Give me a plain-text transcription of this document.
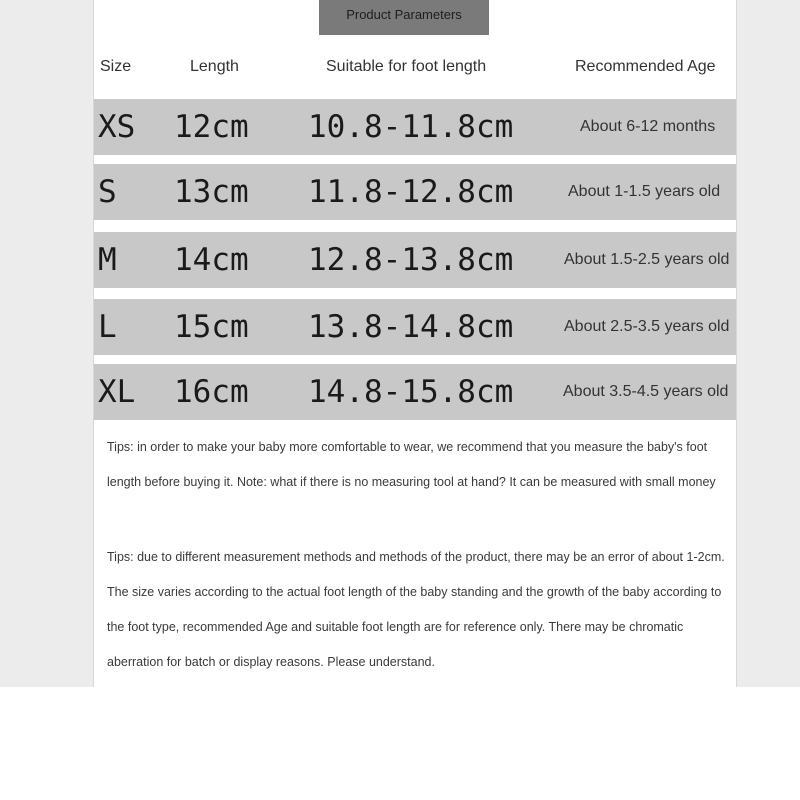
Product Parameters
Size	Length	Suitable for foot length	Recommended Age
XS 12cm 10.8-11.8cm	About 6-12 months
S 13cm 11.8-12.8cm	About 1-1.5 years old
M 14cm 12.8-13.8cm	About 1.5-2.5 years old
L 15cm 13.8-14.8cm	About 2.5-3.5 years old
XL 16cm 14.8-15.8cm	About 3.5-4.5 years old
Tips: in order to make your baby more comfortable to wear, we recommend that you measure the baby's foot length before buying it. Note: what if there is no measuring tool at hand? It can be measured with small money
Tips: due to different measurement methods and methods of the product, there may be an error of about 1-2cm. The size varies according to the actual foot length of the baby standing and the growth of the baby according to the foot type, recommended Age and suitable foot length are for reference only. There may be chromatic aberration for batch or display reasons. Please understand.
